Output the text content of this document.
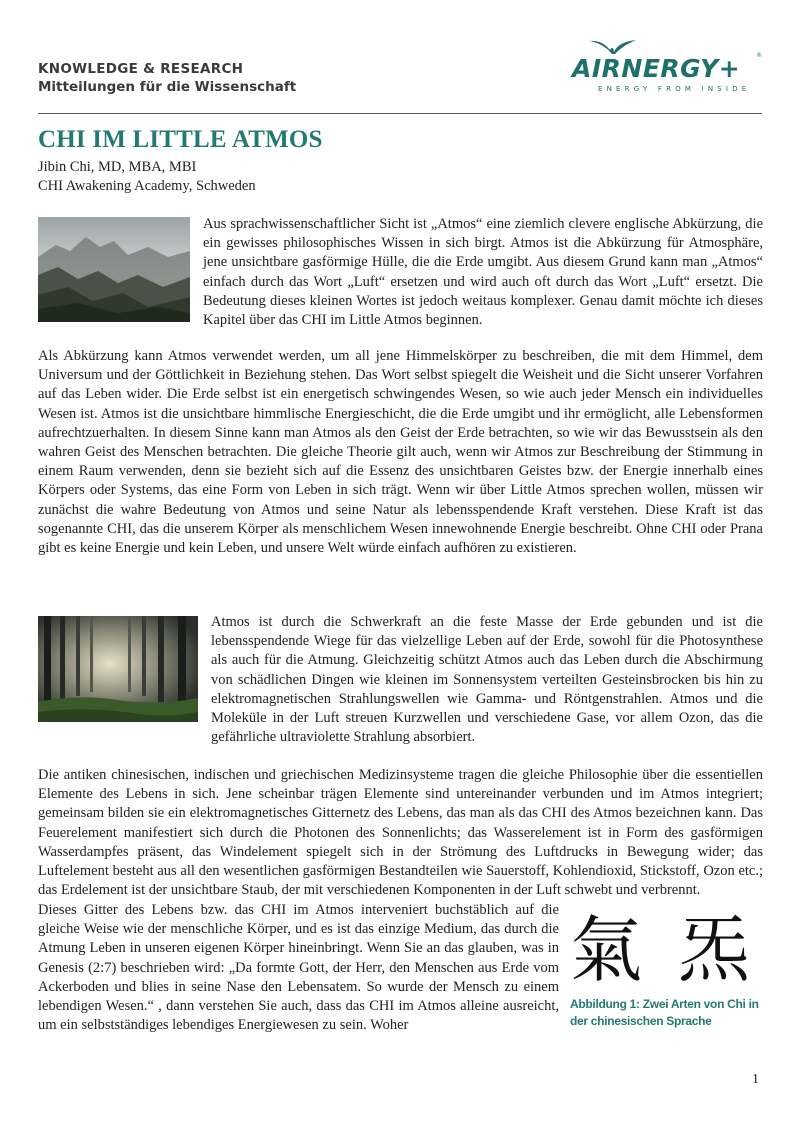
KNOWLEDGE & RESEARCH
Mitteilungen für die Wissenschaft
AIRNERGY+	®
ENERGY FROM INSIDE
CHI IM LITTLE ATMOS
Jibin Chi, MD, MBA, MBI
CHI Awakening Academy, Schweden

Aus sprachwissenschaftlicher Sicht ist „Atmos“ eine ziemlich clevere englische Abkürzung, die ein gewisses philosophisches Wissen in sich birgt. Atmos ist die Abkürzung für Atmosphäre, jene unsichtbare gasförmige Hülle, die die Erde umgibt. Aus diesem Grund kann man „Atmos“ einfach durch das Wort „Luft“ ersetzen und wird auch oft durch das Wort „Luft“ ersetzt. Die Bedeutung dieses kleinen Wortes ist jedoch weitaus komplexer. Genau damit möchte ich dieses Kapitel über das CHI im Little Atmos beginnen.

Als Abkürzung kann Atmos verwendet werden, um all jene Himmelskörper zu beschreiben, die mit dem Himmel, dem Universum und der Göttlichkeit in Beziehung stehen. Das Wort selbst spiegelt die Weisheit und die Sicht unserer Vorfahren auf das Leben wider. Die Erde selbst ist ein energetisch schwingendes Wesen, so wie auch jeder Mensch ein individuelles Wesen ist. Atmos ist die unsichtbare himmlische Energieschicht, die die Erde umgibt und ihr ermöglicht, alle Lebensformen aufrechtzuerhalten. In diesem Sinne kann man Atmos als den Geist der Erde betrachten, so wie wir das Bewusstsein als den wahren Geist des Menschen betrachten. Die gleiche Theorie gilt auch, wenn wir Atmos zur Beschreibung der Stimmung in einem Raum verwenden, denn sie bezieht sich auf die Essenz des unsichtbaren Geistes bzw. der Energie innerhalb eines Körpers oder Systems, das eine Form von Leben in sich trägt. Wenn wir über Little Atmos sprechen wollen, müssen wir zunächst die wahre Bedeutung von Atmos und seine Natur als lebensspendende Kraft verstehen. Diese Kraft ist das sogenannte CHI, das die unserem Körper als menschlichem Wesen innewohnende Energie beschreibt. Ohne CHI oder Prana gibt es keine Energie und kein Leben, und unsere Welt würde einfach aufhören zu existieren.

Atmos ist durch die Schwerkraft an die feste Masse der Erde gebunden und ist die lebensspendende Wiege für das vielzellige Leben auf der Erde, sowohl für die Photosynthese als auch für die Atmung. Gleichzeitig schützt Atmos auch das Leben durch die Abschirmung von schädlichen Dingen wie kleinen im Sonnensystem verteilten Gesteinsbrocken bis hin zu elektromagnetischen Strahlungswellen wie Gamma- und Röntgenstrahlen. Atmos und die Moleküle in der Luft streuen Kurzwellen und verschiedene Gase, vor allem Ozon, das die gefährliche ultraviolette Strahlung absorbiert.

Die antiken chinesischen, indischen und griechischen Medizinsysteme tragen die gleiche Philosophie über die essentiellen Elemente des Lebens in sich. Jene scheinbar trägen Elemente sind untereinander verbunden und im Atmos integriert; gemeinsam bilden sie ein elektromagnetisches Gitternetz des Lebens, das man als das CHI des Atmos bezeichnen kann. Das Feuerelement manifestiert sich durch die Photonen des Sonnenlichts; das Wasserelement ist in Form des gasförmigen Wasserdampfes präsent, das Windelement spiegelt sich in der Strömung des Luftdrucks in Bewegung wider; das Luftelement besteht aus all den wesentlichen gasförmigen Bestandteilen wie Sauerstoff, Kohlendioxid, Stickstoff, Ozon etc.; das Erdelement ist der unsichtbare Staub, der mit verschiedenen Komponenten in der Luft schwebt und verbrennt.

Dieses Gitter des Lebens bzw. das CHI im Atmos interveniert buchstäblich auf die gleiche Weise wie der menschliche Körper, und es ist das einzige Medium, das durch die Atmung Leben in unseren eigenen Körper hineinbringt. Wenn Sie an das glauben, was in Genesis (2:7) beschrieben wird: „Da formte Gott, der Herr, den Menschen aus Erde vom Ackerboden und blies in seine Nase den Lebensatem. So wurde der Mensch zu einem lebendigen Wesen.“ , dann verstehen Sie auch, dass das CHI im Atmos alleine ausreicht, um ein selbstständiges lebendiges Energiewesen zu sein. Woher

氣 炁
Abbildung 1: Zwei Arten von Chi in der chinesischen Sprache
1
